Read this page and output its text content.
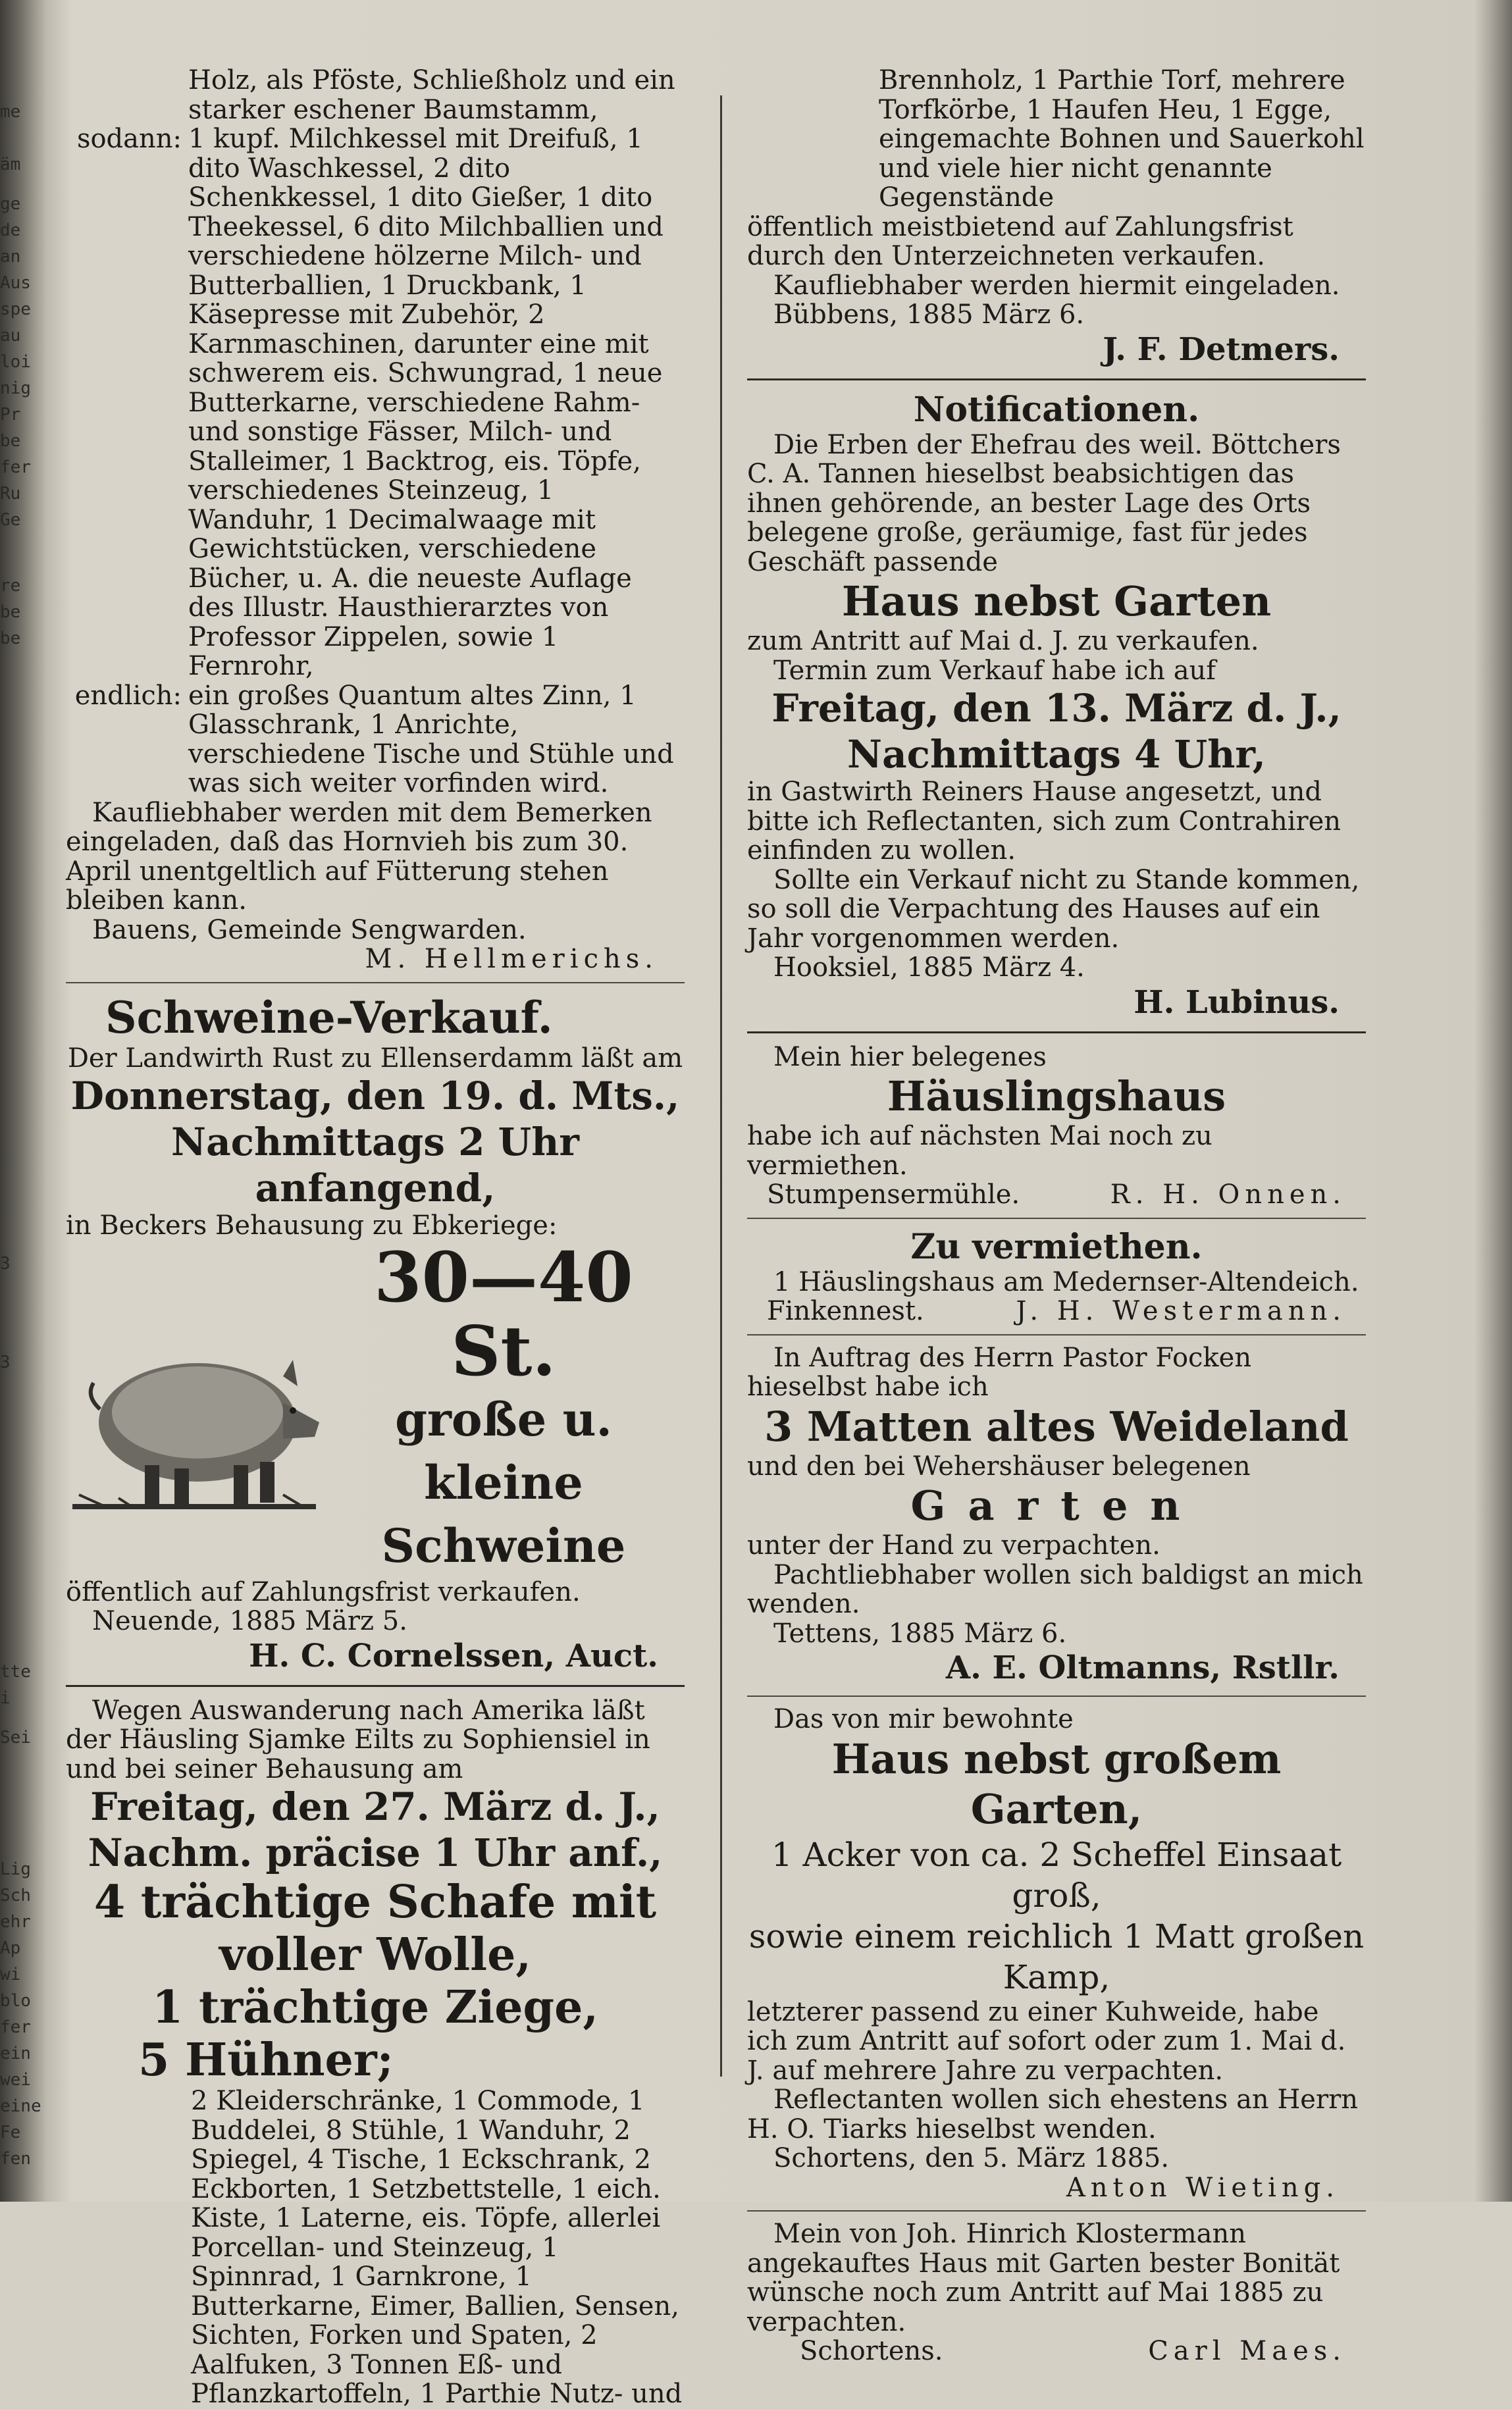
me
äm
ge
de
an
Aus
spe
au
loi
nig
Pr
be
fer
Ru
Ge
re
be
be
tte
i
Sei
Lig
Sch
ehr
Ap
wi
blo
fer
ein
wei
eine
Fe
fen
3
3

Holz, als Pföste, Schließholz und ein

starker eschener Baumstamm,

sodann: 1 kupf. Milchkessel mit Dreifuß, 1 dito Waschkessel, 2 dito Schenkkessel, 1 dito Gießer, 1 dito Theekessel, 6 dito Milchballien und verschiedene hölzerne Milch- und Butterballien, 1 Druckbank, 1 Käsepresse mit Zubehör, 2 Karnmaschinen, darunter eine mit schwerem eis. Schwungrad, 1 neue Butterkarne, verschiedene Rahm- und sonstige Fässer, Milch- und Stalleimer, 1 Backtrog, eis. Töpfe, verschiedenes Steinzeug, 1 Wanduhr, 1 Decimalwaage mit Gewichtstücken, verschiedene Bücher, u. A. die neueste Auflage des Illustr. Hausthierarztes von Professor Zippelen, sowie 1 Fernrohr,

endlich: ein großes Quantum altes Zinn, 1 Glasschrank, 1 Anrichte, verschiedene Tische und Stühle und was sich weiter vorfinden wird.

Kaufliebhaber werden mit dem Bemerken eingeladen, daß das Hornvieh bis zum 30. April unentgeltlich auf Fütterung stehen bleiben kann.

Bauens, Gemeinde Sengwarden.

M. Hellmerichs.

Schweine-Verkauf.

Der Landwirth Rust zu Ellenserdamm läßt am

Donnerstag, den 19. d. Mts.,

Nachmittags 2 Uhr anfangend,

in Beckers Behausung zu Ebkeriege:

30—40 St.

große u. kleine

Schweine

öffentlich auf Zahlungsfrist verkaufen.

Neuende, 1885 März 5.

H. C. Cornelssen, Auct.

Wegen Auswanderung nach Amerika läßt der Häusling Sjamke Eilts zu Sophiensiel in und bei seiner Behausung am

Freitag, den 27. März d. J.,

Nachm. präcise 1 Uhr anf.,

4 trächtige Schafe mit voller Wolle,

1 trächtige Ziege,

5 Hühner;

2 Kleiderschränke, 1 Commode, 1 Buddelei, 8 Stühle, 1 Wanduhr, 2 Spiegel, 4 Tische, 1 Eckschrank, 2 Eckborten, 1 Setzbettstelle, 1 eich. Kiste, 1 Laterne, eis. Töpfe, allerlei Porcellan- und Steinzeug, 1 Spinnrad, 1 Garnkrone, 1 Butterkarne, Eimer, Ballien, Sensen, Sichten, Forken und Spaten, 2 Aalfuken, 3 Tonnen Eß- und Pflanzkartoffeln, 1 Parthie Nutz- und

Brennholz, 1 Parthie Torf, mehrere Torfkörbe, 1 Haufen Heu, 1 Egge, eingemachte Bohnen und Sauerkohl und viele hier nicht genannte Gegenstände

öffentlich meistbietend auf Zahlungsfrist durch den Unterzeichneten verkaufen.

Kaufliebhaber werden hiermit eingeladen.

Bübbens, 1885 März 6.

J. F. Detmers.

Notificationen.

Die Erben der Ehefrau des weil. Böttchers C. A. Tannen hieselbst beabsichtigen das ihnen gehörende, an bester Lage des Orts belegene große, geräumige, fast für jedes Geschäft passende

Haus nebst Garten

zum Antritt auf Mai d. J. zu verkaufen.

Termin zum Verkauf habe ich auf

Freitag, den 13. März d. J.,

Nachmittags 4 Uhr,

in Gastwirth Reiners Hause angesetzt, und bitte ich Reflectanten, sich zum Contrahiren einfinden zu wollen.

Sollte ein Verkauf nicht zu Stande kommen, so soll die Verpachtung des Hauses auf ein Jahr vorgenommen werden.

Hooksiel, 1885 März 4.

H. Lubinus.

Mein hier belegenes

Häuslingshaus

habe ich auf nächsten Mai noch zu vermiethen.

Stumpensermühle.	R. H. Onnen.

Zu vermiethen.

1 Häuslingshaus am Medernser-Altendeich.

Finkennest.	J. H. Westermann.

In Auftrag des Herrn Pastor Focken hieselbst habe ich

3 Matten altes Weideland

und den bei Wehershäuser belegenen

Garten

unter der Hand zu verpachten.

Pachtliebhaber wollen sich baldigst an mich wenden.

Tettens, 1885 März 6.

A. E. Oltmanns, Rstllr.

Das von mir bewohnte

Haus nebst großem Garten,

1 Acker von ca. 2 Scheffel Einsaat groß,

sowie einem reichlich 1 Matt großen Kamp,

letzterer passend zu einer Kuhweide, habe ich zum Antritt auf sofort oder zum 1. Mai d. J. auf mehrere Jahre zu verpachten.

Reflectanten wollen sich ehestens an Herrn H. O. Tiarks hieselbst wenden.

Schortens, den 5. März 1885.

Anton Wieting.

Mein von Joh. Hinrich Klostermann angekauftes Haus mit Garten bester Bonität wünsche noch zum Antritt auf Mai 1885 zu verpachten.

Schortens.	Carl Maes.
